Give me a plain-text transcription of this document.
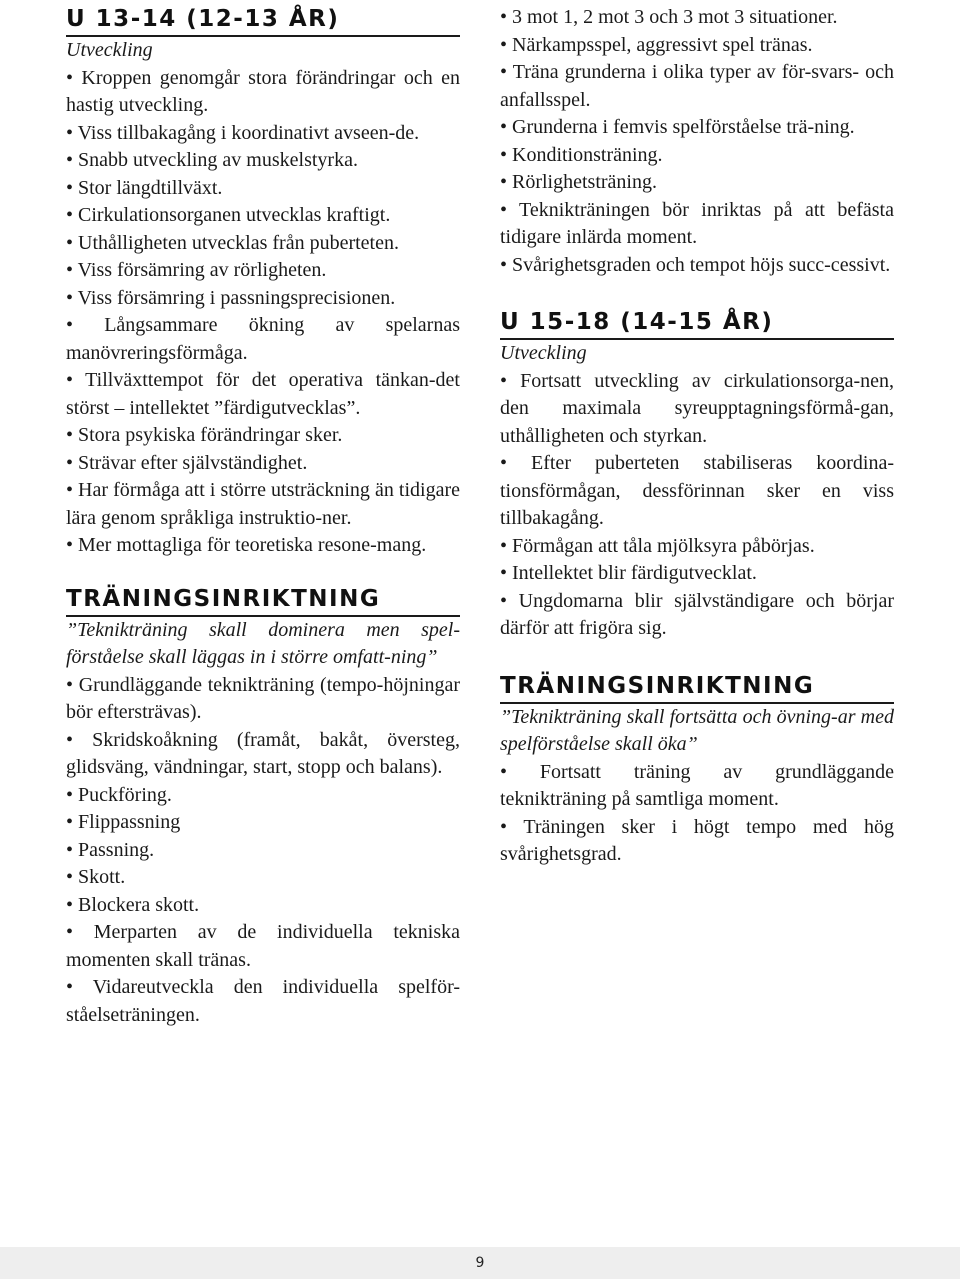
U 13-14 (12-13 ÅR)

Utveckling

• Kroppen genomgår stora förändringar och en hastig utveckling.
• Viss tillbakagång i koordinativt avseen-de.
• Snabb utveckling av muskelstyrka.
• Stor längdtillväxt.
• Cirkulationsorganen utvecklas kraftigt.
• Uthålligheten utvecklas från puberteten.
• Viss försämring av rörligheten.
• Viss försämring i passningsprecisionen.
• Långsammare ökning av spelarnas manövreringsförmåga.
• Tillväxttempot för det operativa tänkan-det störst – intellektet ”färdigutvecklas”.
• Stora psykiska förändringar sker.
• Strävar efter självständighet.
• Har förmåga att i större utsträckning än tidigare lära genom språkliga instruktio-ner.
• Mer mottagliga för teoretiska resone-mang.
TRÄNINGSINRIKTNING

”Teknikträning skall dominera men spel-förståelse skall läggas in i större omfatt-ning”

• Grundläggande teknikträning (tempo-höjningar bör eftersträvas).
• Skridskoåkning (framåt, bakåt, översteg, glidsväng, vändningar, start, stopp och balans).
• Puckföring.
• Flippassning
• Passning.
• Skott.
• Blockera skott.
• Merparten av de individuella tekniska momenten skall tränas.
• Vidareutveckla den individuella spelför-ståelseträningen.
• 3 mot 1, 2 mot 3 och 3 mot 3 situationer.
• Närkampsspel, aggressivt spel tränas.
• Träna grunderna i olika typer av för-svars- och anfallsspel.
• Grunderna i femvis spelförståelse trä-ning.
• Konditionsträning.
• Rörlighetsträning.
• Teknikträningen bör inriktas på att befästa tidigare inlärda moment.
• Svårighetsgraden och tempot höjs succ-cessivt.
U 15-18 (14-15 ÅR)

Utveckling

• Fortsatt utveckling av cirkulationsorga-nen, den maximala syreupptagningsförmå-gan, uthålligheten och styrkan.
• Efter puberteten stabiliseras koordina-tionsförmågan, dessförinnan sker en viss tillbakagång.
• Förmågan att tåla mjölksyra påbörjas.
• Intellektet blir färdigutvecklat.
• Ungdomarna blir självständigare och börjar därför att frigöra sig.
TRÄNINGSINRIKTNING

”Teknikträning skall fortsätta och övning-ar med spelförståelse skall öka”

• Fortsatt träning av grundläggande teknikträning på samtliga moment.
• Träningen sker i högt tempo med hög svårighetsgrad.
9
